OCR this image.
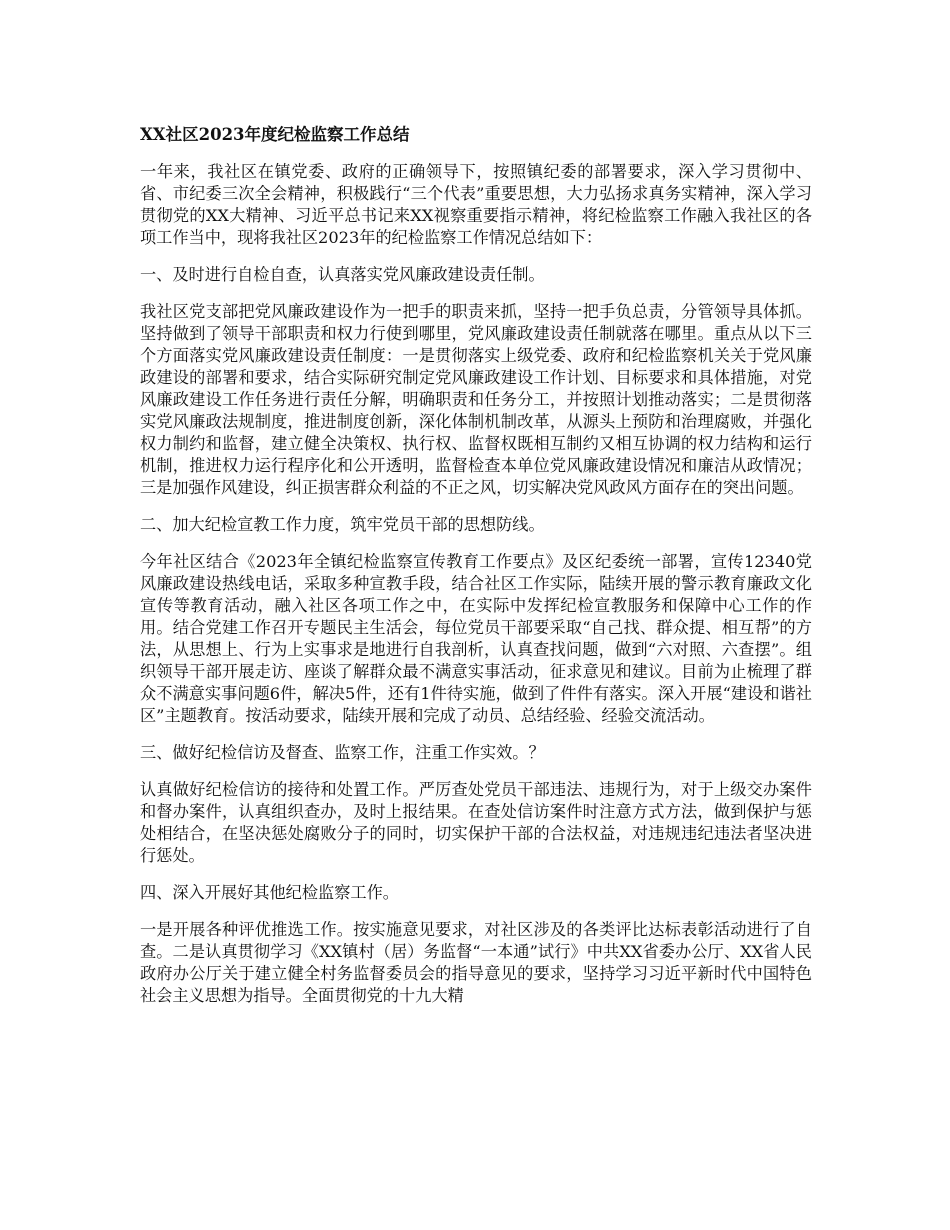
XX社区2023年度纪检监察工作总结

一年来，我社区在镇党委、政府的正确领导下，按照镇纪委的部署要求，深入学习贯彻中、省、市纪委三次全会精神，积极践行“三个代表”重要思想，大力弘扬求真务实精神，深入学习贯彻党的XX大精神、习近平总书记来XX视察重要指示精神，将纪检监察工作融入我社区的各项工作当中，现将我社区2023年的纪检监察工作情况总结如下：

一、及时进行自检自查，认真落实党风廉政建设责任制。

我社区党支部把党风廉政建设作为一把手的职责来抓，坚持一把手负总责，分管领导具体抓。坚持做到了领导干部职责和权力行使到哪里，党风廉政建设责任制就落在哪里。重点从以下三个方面落实党风廉政建设责任制度：一是贯彻落实上级党委、政府和纪检监察机关关于党风廉政建设的部署和要求，结合实际研究制定党风廉政建设工作计划、目标要求和具体措施，对党风廉政建设工作任务进行责任分解，明确职责和任务分工，并按照计划推动落实；二是贯彻落实党风廉政法规制度，推进制度创新，深化体制机制改革，从源头上预防和治理腐败，并强化权力制约和监督，建立健全决策权、执行权、监督权既相互制约又相互协调的权力结构和运行机制，推进权力运行程序化和公开透明，监督检查本单位党风廉政建设情况和廉洁从政情况；三是加强作风建设，纠正损害群众利益的不正之风，切实解决党风政风方面存在的突出问题。

二、加大纪检宣教工作力度，筑牢党员干部的思想防线。

今年社区结合《2023年全镇纪检监察宣传教育工作要点》及区纪委统一部署，宣传12340党风廉政建设热线电话，采取多种宣教手段，结合社区工作实际，陆续开展的警示教育廉政文化宣传等教育活动，融入社区各项工作之中，在实际中发挥纪检宣教服务和保障中心工作的作用。结合党建工作召开专题民主生活会，每位党员干部要采取“自己找、群众提、相互帮”的方法，从思想上、行为上实事求是地进行自我剖析，认真查找问题，做到“六对照、六查摆”。组织领导干部开展走访、座谈了解群众最不满意实事活动，征求意见和建议。目前为止梳理了群众不满意实事问题6件，解决5件，还有1件待实施，做到了件件有落实。深入开展“建设和谐社区”主题教育。按活动要求，陆续开展和完成了动员、总结经验、经验交流活动。

三、做好纪检信访及督查、监察工作，注重工作实效。？

认真做好纪检信访的接待和处置工作。严厉查处党员干部违法、违规行为，对于上级交办案件和督办案件，认真组织查办，及时上报结果。在查处信访案件时注意方式方法，做到保护与惩处相结合，在坚决惩处腐败分子的同时，切实保护干部的合法权益，对违规违纪违法者坚决进行惩处。

四、深入开展好其他纪检监察工作。

一是开展各种评优推选工作。按实施意见要求，对社区涉及的各类评比达标表彰活动进行了自查。二是认真贯彻学习《XX镇村（居）务监督“一本通”试行》中共XX省委办公厅、XX省人民政府办公厅关于建立健全村务监督委员会的指导意见的要求，坚持学习习近平新时代中国特色社会主义思想为指导。全面贯彻党的十九大精
